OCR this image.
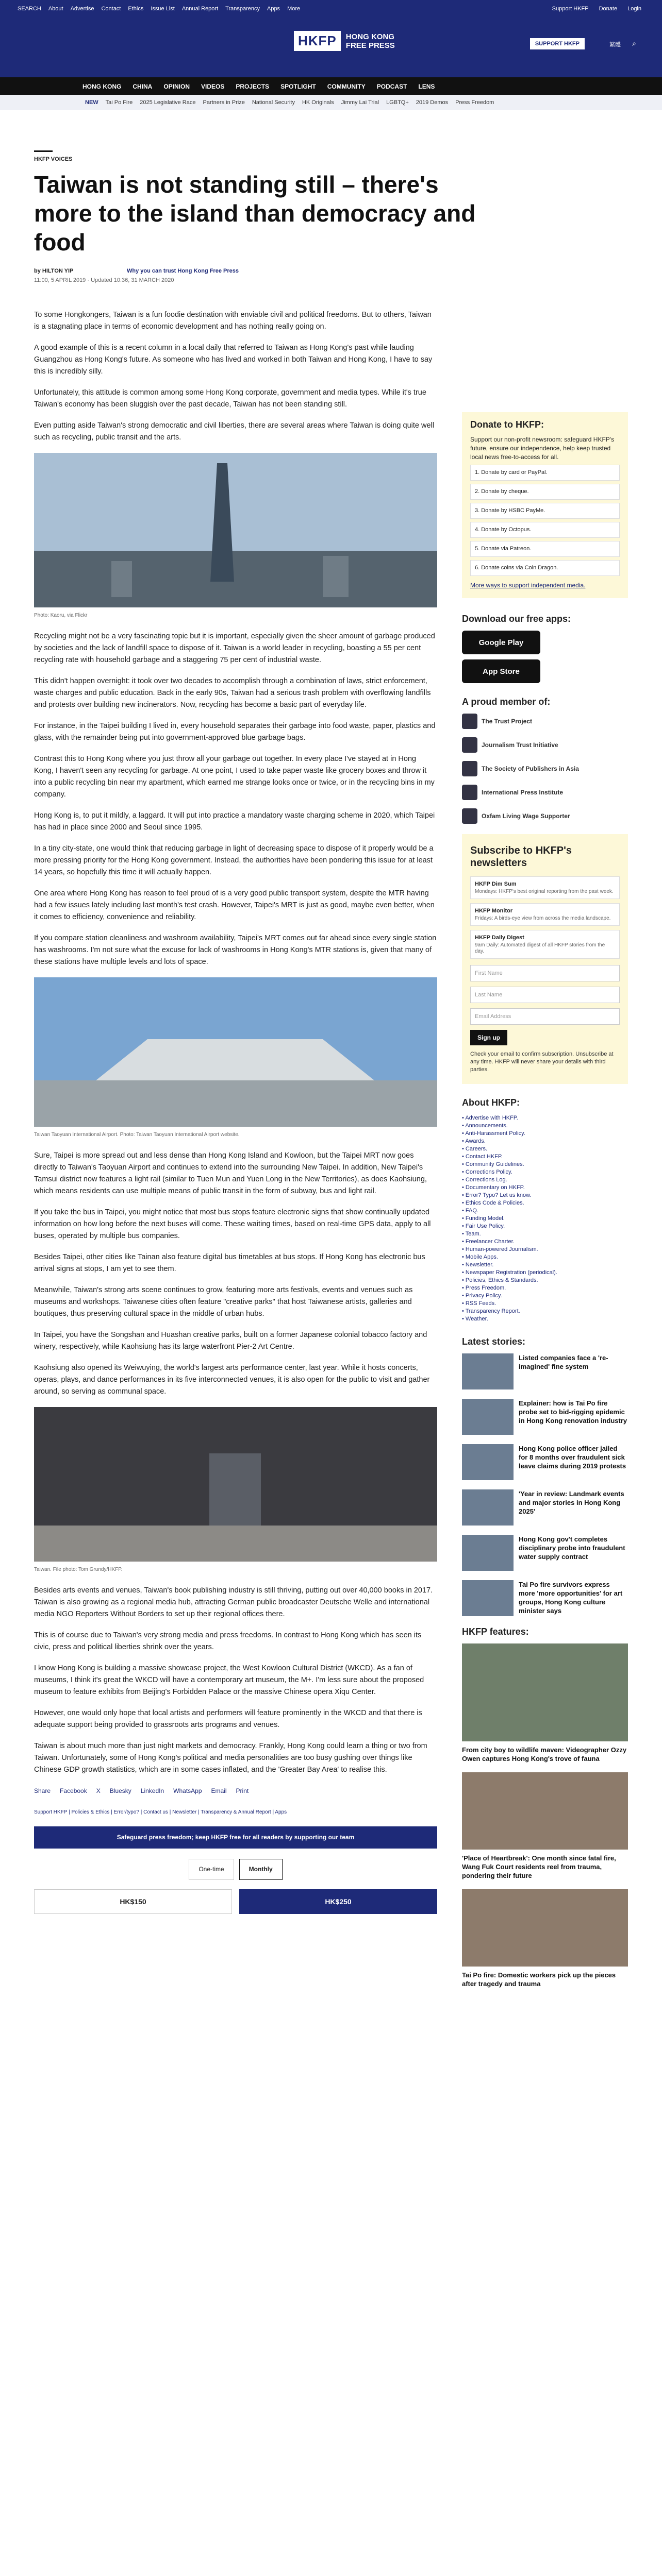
SEARCH About Advertise Contact Ethics Issue List Annual Report Transparency Apps More	Support HKFP Donate Login
HKFP	HONG KONG
FREE PRESS	SUPPORT HKFP	繁體 ⌕
HONG KONG CHINA OPINION VIDEOS PROJECTS SPOTLIGHT COMMUNITY PODCAST LENS
NEW Tai Po Fire 2025 Legislative Race Partners in Prize National Security HK Originals Jimmy Lai Trial LGBTQ+ 2019 Demos Press Freedom
HKFP VOICES
Taiwan is not standing still – there's more to the island than democracy and food
by HILTON YIP
11:00, 5 APRIL 2019 · Updated 10:36, 31 MARCH 2020
Why you can trust Hong Kong Free Press

To some Hongkongers, Taiwan is a fun foodie destination with enviable civil and political freedoms. But to others, Taiwan is a stagnating place in terms of economic development and has nothing really going on.

A good example of this is a recent column in a local daily that referred to Taiwan as Hong Kong's past while lauding Guangzhou as Hong Kong's future. As someone who has lived and worked in both Taiwan and Hong Kong, I have to say this is incredibly silly.

Unfortunately, this attitude is common among some Hong Kong corporate, government and media types. While it's true Taiwan's economy has been sluggish over the past decade, Taiwan has not been standing still.

Even putting aside Taiwan's strong democratic and civil liberties, there are several areas where Taiwan is doing quite well such as recycling, public transit and the arts.

Photo: Kaoru, via Flickr

Recycling might not be a very fascinating topic but it is important, especially given the sheer amount of garbage produced by societies and the lack of landfill space to dispose of it. Taiwan is a world leader in recycling, boasting a 55 per cent recycling rate with household garbage and a staggering 75 per cent of industrial waste.

This didn't happen overnight: it took over two decades to accomplish through a combination of laws, strict enforcement, waste charges and public education. Back in the early 90s, Taiwan had a serious trash problem with overflowing landfills and protests over building new incinerators. Now, recycling has become a basic part of everyday life.

For instance, in the Taipei building I lived in, every household separates their garbage into food waste, paper, plastics and glass, with the remainder being put into government-approved blue garbage bags.

Contrast this to Hong Kong where you just throw all your garbage out together. In every place I've stayed at in Hong Kong, I haven't seen any recycling for garbage. At one point, I used to take paper waste like grocery boxes and throw it into a public recycling bin near my apartment, which earned me strange looks once or twice, or in the recycling bins in my company.

Hong Kong is, to put it mildly, a laggard. It will put into practice a mandatory waste charging scheme in 2020, which Taipei has had in place since 2000 and Seoul since 1995.

In a tiny city-state, one would think that reducing garbage in light of decreasing space to dispose of it properly would be a more pressing priority for the Hong Kong government. Instead, the authorities have been pondering this issue for at least 14 years, so hopefully this time it will actually happen.

One area where Hong Kong has reason to feel proud of is a very good public transport system, despite the MTR having had a few issues lately including last month's test crash. However, Taipei's MRT is just as good, maybe even better, when it comes to efficiency, convenience and reliability.

If you compare station cleanliness and washroom availability, Taipei's MRT comes out far ahead since every single station has washrooms. I'm not sure what the excuse for lack of washrooms in Hong Kong's MTR stations is, given that many of these stations have multiple levels and lots of space.

Taiwan Taoyuan International Airport. Photo: Taiwan Taoyuan International Airport website.

Sure, Taipei is more spread out and less dense than Hong Kong Island and Kowloon, but the Taipei MRT now goes directly to Taiwan's Taoyuan Airport and continues to extend into the surrounding New Taipei. In addition, New Taipei's Tamsui district now features a light rail (similar to Tuen Mun and Yuen Long in the New Territories), as does Kaohsiung, which means residents can use multiple means of public transit in the form of subway, bus and light rail.

If you take the bus in Taipei, you might notice that most bus stops feature electronic signs that show continually updated information on how long before the next buses will come. These waiting times, based on real-time GPS data, apply to all buses, operated by multiple bus companies.

Besides Taipei, other cities like Tainan also feature digital bus timetables at bus stops. If Hong Kong has electronic bus arrival signs at stops, I am yet to see them.

Meanwhile, Taiwan's strong arts scene continues to grow, featuring more arts festivals, events and venues such as museums and workshops. Taiwanese cities often feature "creative parks" that host Taiwanese artists, galleries and boutiques, thus preserving cultural space in the middle of urban hubs.

In Taipei, you have the Songshan and Huashan creative parks, built on a former Japanese colonial tobacco factory and winery, respectively, while Kaohsiung has its large waterfront Pier-2 Art Centre.

Kaohsiung also opened its Weiwuying, the world's largest arts performance center, last year. While it hosts concerts, operas, plays, and dance performances in its five interconnected venues, it is also open for the public to visit and gather around, so serving as communal space.

Taiwan. File photo: Tom Grundy/HKFP.

Besides arts events and venues, Taiwan's book publishing industry is still thriving, putting out over 40,000 books in 2017. Taiwan is also growing as a regional media hub, attracting German public broadcaster Deutsche Welle and international media NGO Reporters Without Borders to set up their regional offices there.

This is of course due to Taiwan's very strong media and press freedoms. In contrast to Hong Kong which has seen its civic, press and political liberties shrink over the years.

I know Hong Kong is building a massive showcase project, the West Kowloon Cultural District (WKCD). As a fan of museums, I think it's great the WKCD will have a contemporary art museum, the M+. I'm less sure about the proposed museum to feature exhibits from Beijing's Forbidden Palace or the massive Chinese opera Xiqu Center.

However, one would only hope that local artists and performers will feature prominently in the WKCD and that there is adequate support being provided to grassroots arts programs and venues.

Taiwan is about much more than just night markets and democracy. Frankly, Hong Kong could learn a thing or two from Taiwan. Unfortunately, some of Hong Kong's political and media personalities are too busy gushing over things like Chinese GDP growth statistics, which are in some cases inflated, and the 'Greater Bay Area' to realise this.

Share Facebook X Bluesky LinkedIn WhatsApp Email Print
Support HKFP | Policies & Ethics | Error/typo? | Contact us | Newsletter | Transparency & Annual Report | Apps
Safeguard press freedom; keep HKFP free for all readers by supporting our team
One-time	Monthly
HK$150	HK$250
Donate to HKFP:
Support our non-profit newsroom: safeguard HKFP's future, ensure our independence, help keep trusted local news free-to-access for all.
1. Donate by card or PayPal.
2. Donate by cheque.
3. Donate by HSBC PayMe.
4. Donate by Octopus.
5. Donate via Patreon.
6. Donate coins via Coin Dragon.
More ways to support independent media.
Download our free apps:
Google Play
App Store
A proud member of:
The Trust Project
Journalism Trust Initiative
The Society of Publishers in Asia
International Press Institute
Oxfam Living Wage Supporter
Subscribe to HKFP's newsletters
HKFP Dim Sum
Mondays: HKFP's best original reporting from the past week.
HKFP Monitor
Fridays: A birds-eye view from across the media landscape.
HKFP Daily Digest
9am Daily: Automated digest of all HKFP stories from the day.
First Name
Last Name
Email Address
Sign up
Check your email to confirm subscription. Unsubscribe at any time. HKFP will never share your details with third parties.
About HKFP:
• Advertise with HKFP.
• Announcements.
• Anti-Harassment Policy.
• Awards.
• Careers.
• Contact HKFP.
• Community Guidelines.
• Corrections Policy.
• Corrections Log.
• Documentary on HKFP.
• Error? Typo? Let us know.
• Ethics Code & Policies.
• FAQ.
• Funding Model.
• Fair Use Policy.
• Team.
• Freelancer Charter.
• Human-powered Journalism.
• Mobile Apps.
• Newsletter.
• Newspaper Registration (periodical).
• Policies, Ethics & Standards.
• Press Freedom.
• Privacy Policy.
• RSS Feeds.
• Transparency Report.
• Weather.
Latest stories:
Listed companies face a 're-imagined' fine system
Explainer: how is Tai Po fire probe set to bid-rigging epidemic in Hong Kong renovation industry
Hong Kong police officer jailed for 8 months over fraudulent sick leave claims during 2019 protests
'Year in review: Landmark events and major stories in Hong Kong 2025'
Hong Kong gov't completes disciplinary probe into fraudulent water supply contract
Tai Po fire survivors express more 'more opportunities' for art groups, Hong Kong culture minister says
HKFP features:
From city boy to wildlife maven: Videographer Ozzy Owen captures Hong Kong's trove of fauna
'Place of Heartbreak': One month since fatal fire, Wang Fuk Court residents reel from trauma, pondering their future
Tai Po fire: Domestic workers pick up the pieces after tragedy and trauma
